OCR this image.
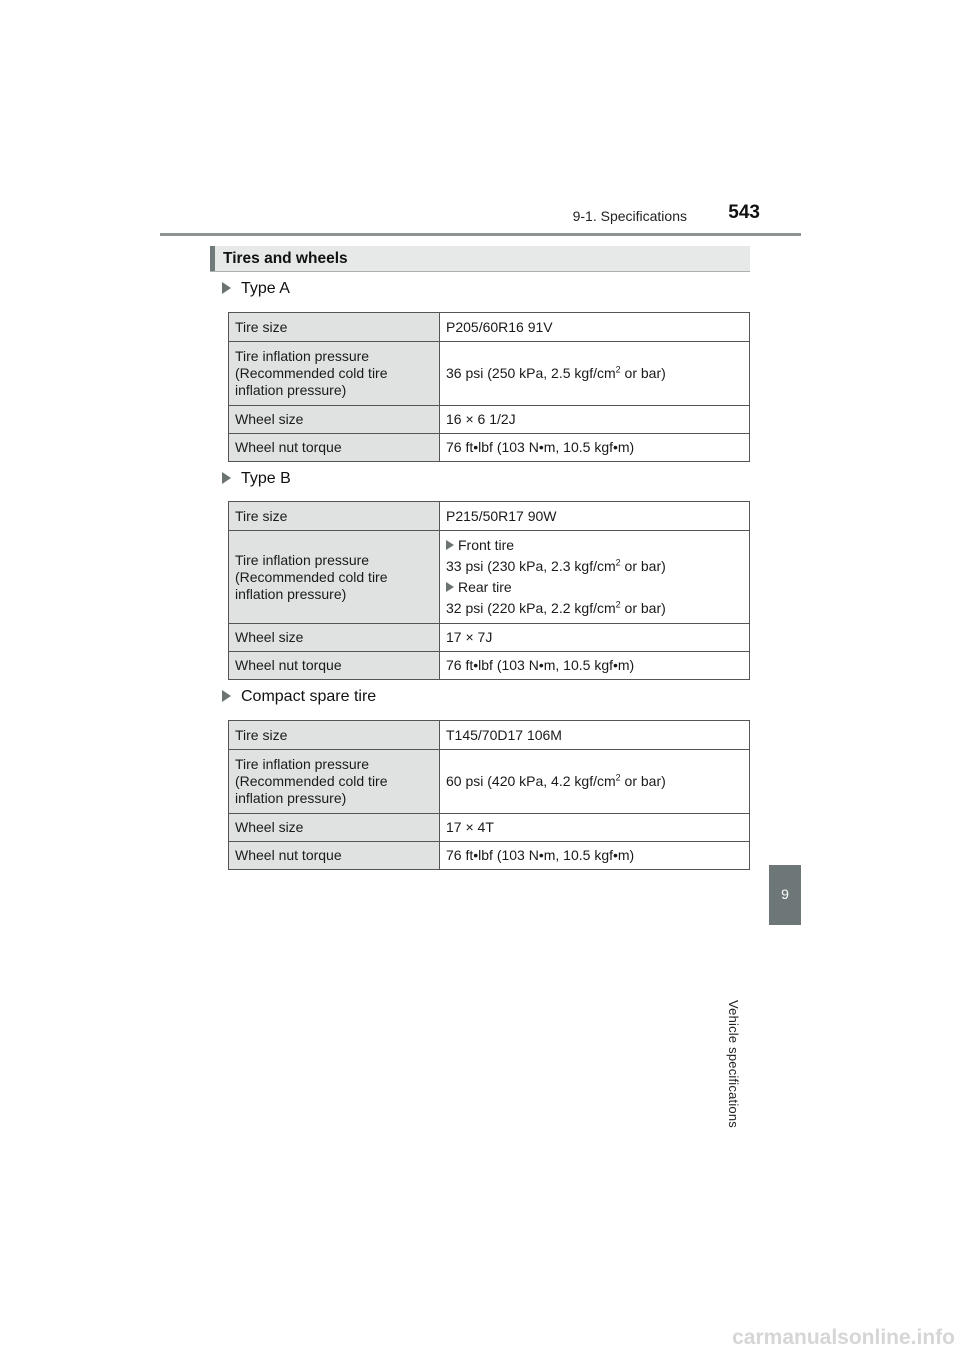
9-1. Specifications	543
Tires and wheels
Type A
Tire size	P205/60R16 91V
Tire inflation pressure (Recommended cold tire inflation pressure)	36 psi (250 kPa, 2.5 kgf/$cm^2$ or bar)
Wheel size	16 × 6 1/2J
Wheel nut torque	76 ft•lbf (103 N•m, 10.5 kgf•m)
Type B
Tire size	P215/50R17 90W
Tire inflation pressure (Recommended cold tire inflation pressure)	Front tire
33 psi (230 kPa, 2.3 kgf/$cm^2$ or bar)
Rear tire
32 psi (220 kPa, 2.2 kgf/$cm^2$ or bar)

Wheel size	17 × 7J
Wheel nut torque	76 ft•lbf (103 N•m, 10.5 kgf•m)
Compact spare tire
Tire size	T145/70D17 106M
Tire inflation pressure (Recommended cold tire inflation pressure)	60 psi (420 kPa, 4.2 kgf/$cm^2$ or bar)
Wheel size	17 × 4T
Wheel nut torque	76 ft•lbf (103 N•m, 10.5 kgf•m)
9
Vehicle specifications
carmanualsonline.info
